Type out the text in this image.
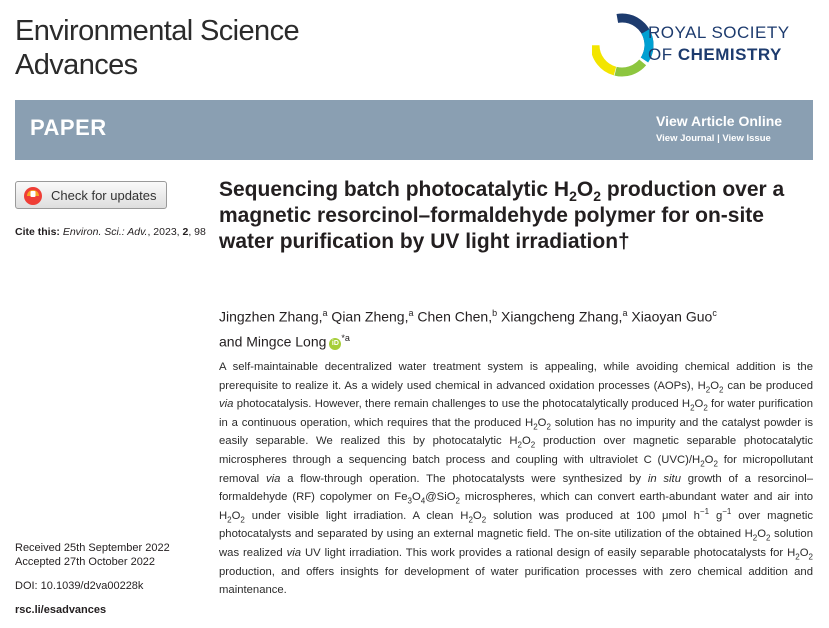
Environmental Science
Advances
ROYAL SOCIETY
OF CHEMISTRY
PAPER	View Article Online
View Journal | View Issue
Check for updates
Cite this: Environ. Sci.: Adv., 2023, 2, 98
Sequencing batch photocatalytic $H_2O_2$ production over a magnetic resorcinol–formaldehyde polymer for on-site water purification by UV light irradiation†
Jingzhen Zhang,$^a$ Qian Zheng,$^a$ Chen Chen,$^b$ Xiangcheng Zhang,$^a$ Xiaoyan Guo$^c$
and Mingce Long $iD^{*a}$
A self-maintainable decentralized water treatment system is appealing, while avoiding chemical addition is the prerequisite to realize it. As a widely used chemical in advanced oxidation processes (AOPs), $H_2O_2$ can be produced via photocatalysis. However, there remain challenges to use the photocatalytically produced $H_2O_2$ for water purification in a continuous operation, which requires that the produced $H_2O_2$ solution has no impurity and the catalyst powder is easily separable. We realized this by photocatalytic $H_2O_2$ production over magnetic separable photocatalytic microspheres through a sequencing batch process and coupling with ultraviolet C $(UVC)/H_2O_2$ for micropollutant removal via a flow-through operation. The photocatalysts were synthesized by in situ growth of a resorcinol–formaldehyde (RF) copolymer on $Fe_3O_4@SiO_2$ microspheres, which can convert earth-abundant water and air into $H_2O_2$ under visible light irradiation. A clean $H_2O_2$ solution was produced at 100 μmol $h^{-1}$ $g^{-1}$ over magnetic photocatalysts and separated by using an external magnetic field. The on-site utilization of the obtained $H_2O_2$ solution was realized via UV light irradiation. This work provides a rational design of easily separable photocatalysts for $H_2O_2$ production, and offers insights for development of water purification processes with zero chemical addition and maintenance.
Received 25th September 2022
Accepted 27th October 2022
DOI: 10.1039/d2va00228k
rsc.li/esadvances
